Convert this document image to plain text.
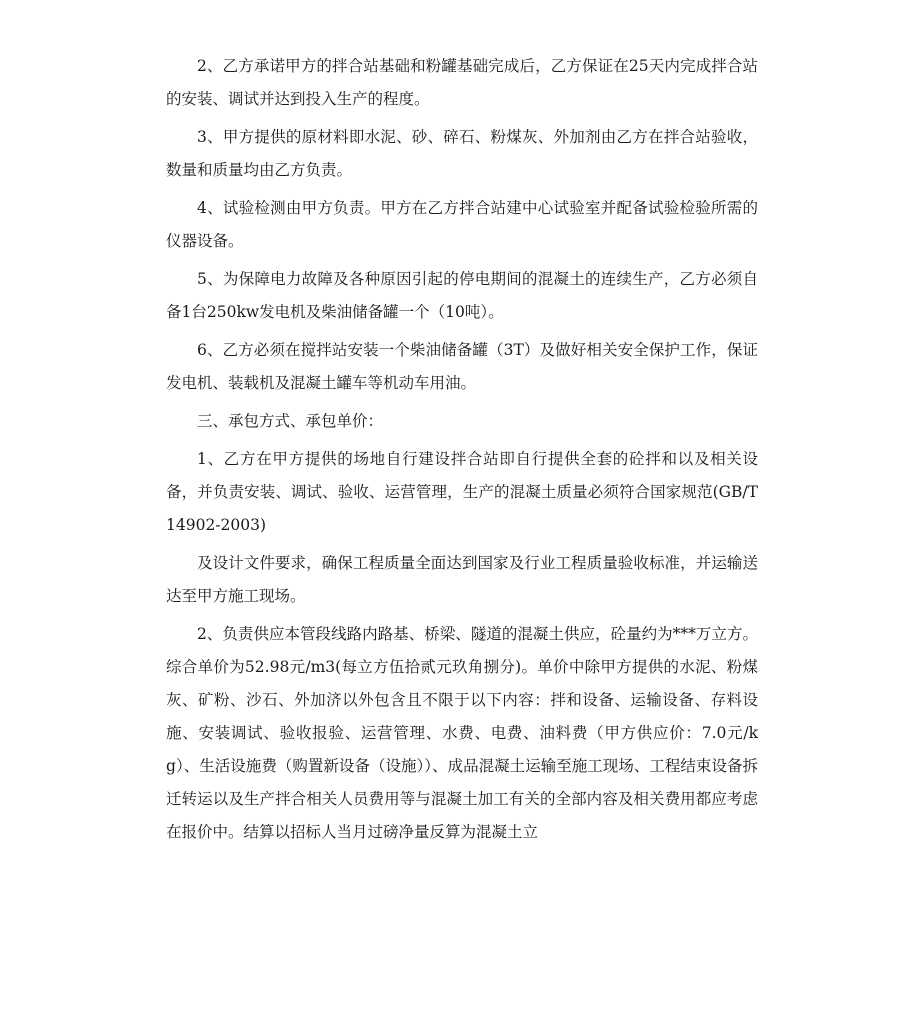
2、乙方承诺甲方的拌合站基础和粉罐基础完成后，乙方保证在25天内完成拌合站的安装、调试并达到投入生产的程度。

3、甲方提供的原材料即水泥、砂、碎石、粉煤灰、外加剂由乙方在拌合站验收，数量和质量均由乙方负责。

4、试验检测由甲方负责。甲方在乙方拌合站建中心试验室并配备试验检验所需的仪器设备。

5、为保障电力故障及各种原因引起的停电期间的混凝土的连续生产，乙方必须自备1台250kw发电机及柴油储备罐一个（10吨）。

6、乙方必须在搅拌站安装一个柴油储备罐（3T）及做好相关安全保护工作，保证发电机、装载机及混凝土罐车等机动车用油。

三、承包方式、承包单价：

1、乙方在甲方提供的场地自行建设拌合站即自行提供全套的砼拌和以及相关设备，并负责安装、调试、验收、运营管理，生产的混凝土质量必须符合国家规范(GB/T14902-2003)

及设计文件要求，确保工程质量全面达到国家及行业工程质量验收标准，并运输送达至甲方施工现场。

2、负责供应本管段线路内路基、桥梁、隧道的混凝土供应，砼量约为***万立方。综合单价为52.98元/m3(每立方伍拾贰元玖角捌分)。单价中除甲方提供的水泥、粉煤灰、矿粉、沙石、外加济以外包含且不限于以下内容：拌和设备、运输设备、存料设施、安装调试、验收报验、运营管理、水费、电费、油料费（甲方供应价：7.0元/kg）、生活设施费（购置新设备（设施））、成品混凝土运输至施工现场、工程结束设备拆迁转运以及生产拌合相关人员费用等与混凝土加工有关的全部内容及相关费用都应考虑在报价中。结算以招标人当月过磅净量反算为混凝土立
